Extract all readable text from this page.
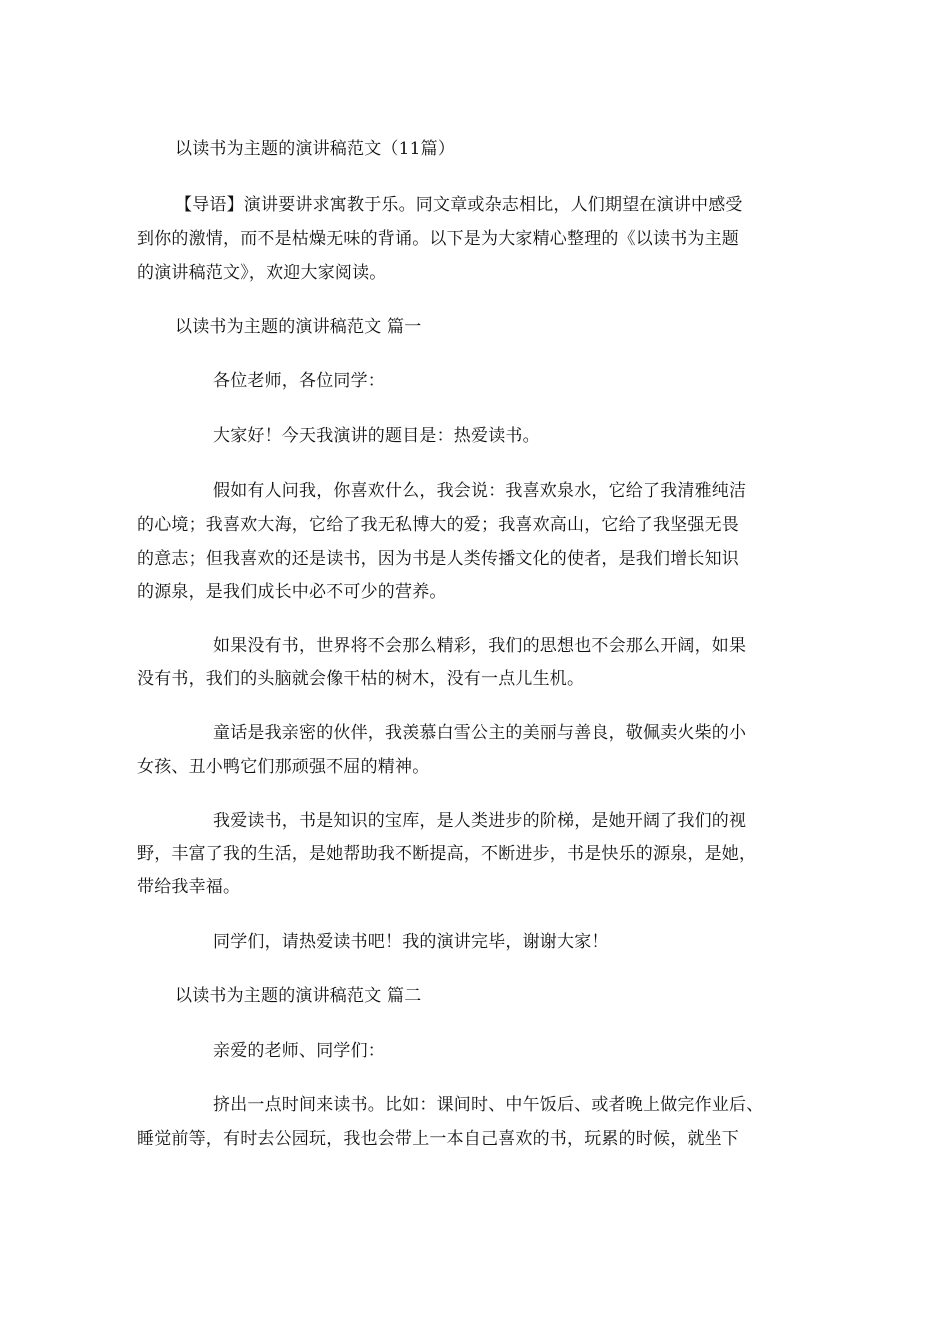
以读书为主题的演讲稿范文（11篇）
【导语】演讲要讲求寓教于乐。同文章或杂志相比，人们期望在演讲中感受
到你的激情，而不是枯燥无味的背诵。以下是为大家精心整理的《以读书为主题
的演讲稿范文》，欢迎大家阅读。
以读书为主题的演讲稿范文 篇一
各位老师，各位同学：
大家好！今天我演讲的题目是：热爱读书。
假如有人问我，你喜欢什么，我会说：我喜欢泉水，它给了我清雅纯洁
的心境；我喜欢大海，它给了我无私博大的爱；我喜欢高山，它给了我坚强无畏
的意志；但我喜欢的还是读书，因为书是人类传播文化的使者，是我们增长知识
的源泉，是我们成长中必不可少的营养。
如果没有书，世界将不会那么精彩，我们的思想也不会那么开阔，如果
没有书，我们的头脑就会像干枯的树木，没有一点儿生机。
童话是我亲密的伙伴，我羡慕白雪公主的美丽与善良，敬佩卖火柴的小
女孩、丑小鸭它们那顽强不屈的精神。
我爱读书，书是知识的宝库，是人类进步的阶梯，是她开阔了我们的视
野，丰富了我的生活，是她帮助我不断提高，不断进步，书是快乐的源泉，是她，
带给我幸福。
同学们，请热爱读书吧！我的演讲完毕，谢谢大家！
以读书为主题的演讲稿范文 篇二
亲爱的老师、同学们：
挤出一点时间来读书。比如：课间时、中午饭后、或者晚上做完作业后、
睡觉前等，有时去公园玩，我也会带上一本自己喜欢的书，玩累的时候，就坐下
